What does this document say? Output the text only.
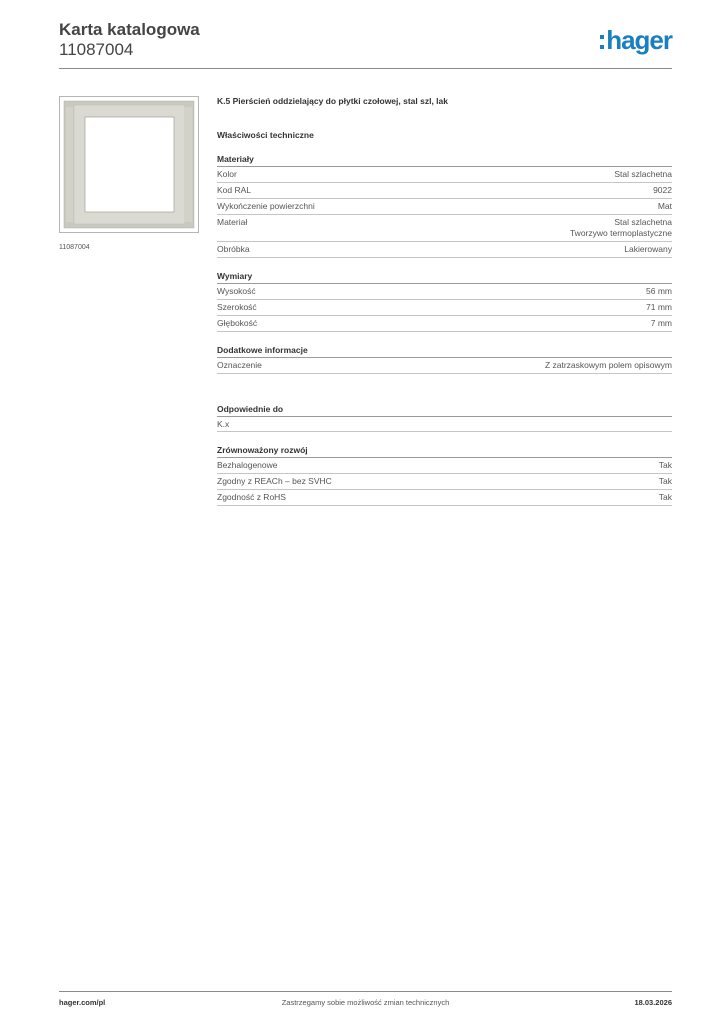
Karta katalogowa
11087004	hager
11087004
K.5 Pierścień oddzielający do płytki czołowej, stal szl, lak
Właściwości techniczne
Materiały
Kolor	Stal szlachetna
Kod RAL	9022
Wykończenie powierzchni	Mat
Materiał	Stal szlachetna
Tworzywo termoplastyczne
Obróbka	Lakierowany
Wymiary
Wysokość	56 mm
Szerokość	71 mm
Głębokość	7 mm
Dodatkowe informacje
Oznaczenie	Z zatrzaskowym polem opisowym
Odpowiednie do
K.x
Zrównoważony rozwój
Bezhalogenowe	Tak
Zgodny z REACh – bez SVHC	Tak
Zgodność z RoHS	Tak
hager.com/pl	Zastrzegamy sobie możliwość zmian technicznych	18.03.2026
